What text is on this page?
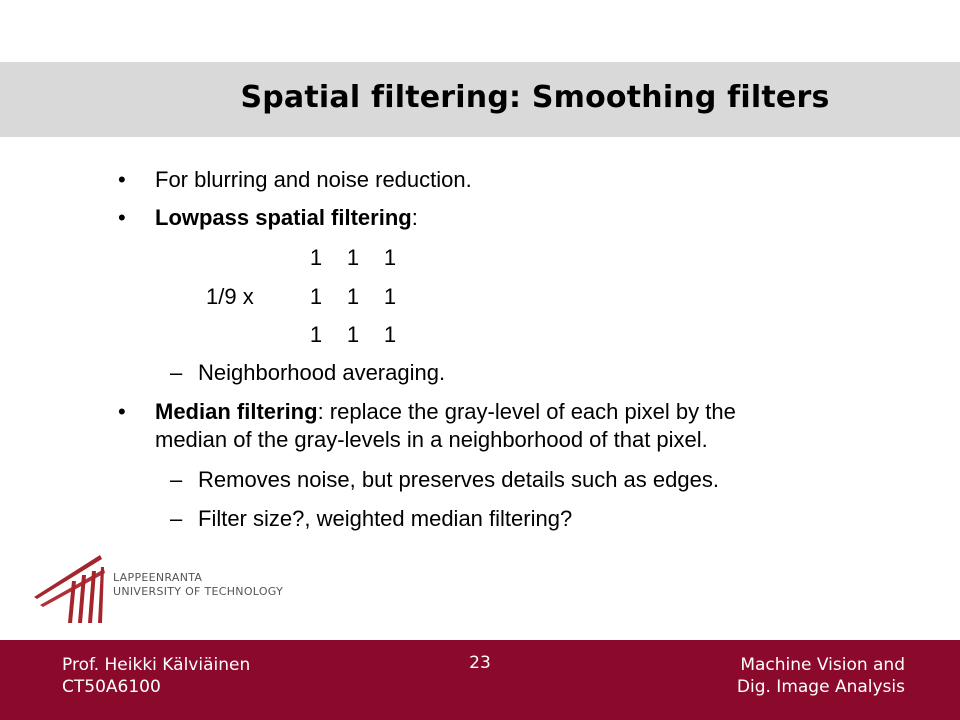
Spatial filtering: Smoothing filters
• For blurring and noise reduction.
• Lowpass spatial filtering:
1/9 x
1 1 1
1 1 1
1 1 1
– Neighborhood averaging.
• Median filtering: replace the gray-level of each pixel by the
median of the gray-levels in a neighborhood of that pixel.
– Removes noise, but preserves details such as edges.
– Filter size?, weighted median filtering?
LAPPEENRANTA
UNIVERSITY OF TECHNOLOGY
Prof. Heikki Kälviäinen
CT50A6100
23	Machine Vision and
Dig. Image Analysis
